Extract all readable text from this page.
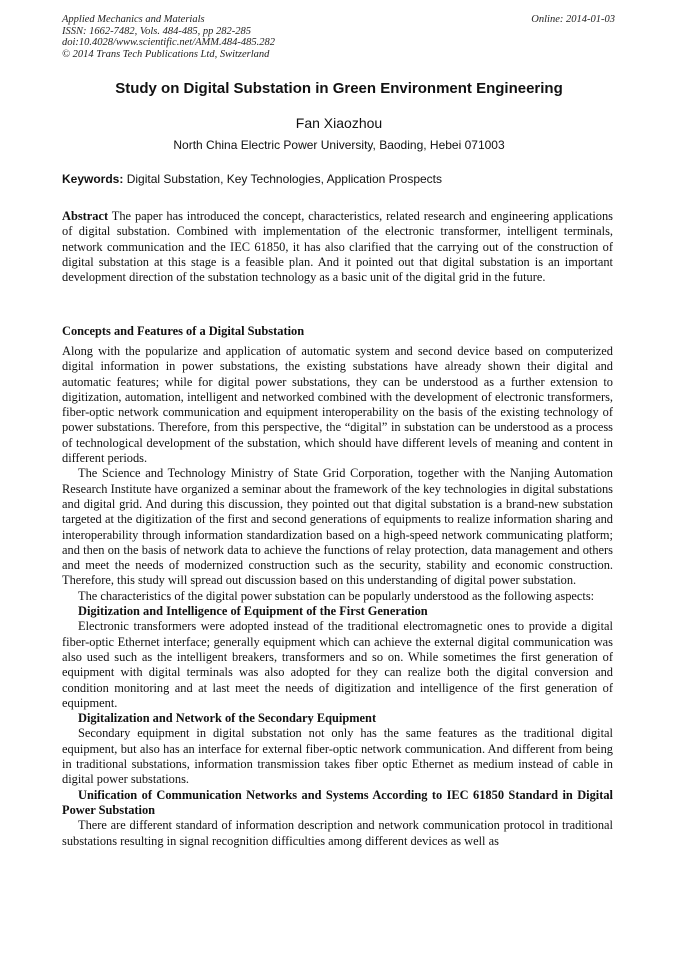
Applied Mechanics and Materials
ISSN: 1662-7482, Vols. 484-485, pp 282-285
doi:10.4028/www.scientific.net/AMM.484-485.282
© 2014 Trans Tech Publications Ltd, Switzerland
Online: 2014-01-03
Study on Digital Substation in Green Environment Engineering
Fan Xiaozhou
North China Electric Power University, Baoding, Hebei 071003
Keywords: Digital Substation, Key Technologies, Application Prospects

Abstract The paper has introduced the concept, characteristics, related research and engineering applications of digital substation. Combined with implementation of the electronic transformer, intelligent terminals, network communication and the IEC 61850, it has also clarified that the carrying out of the construction of digital substation at this stage is a feasible plan. And it pointed out that digital substation is an important development direction of the substation technology as a basic unit of the digital grid in the future.

Concepts and Features of a Digital Substation

Along with the popularize and application of automatic system and second device based on computerized digital information in power substations, the existing substations have already shown their digital and automatic features; while for digital power substations, they can be understood as a further extension to digitization, automation, intelligent and networked combined with the development of electronic transformers, fiber-optic network communication and equipment interoperability on the basis of the existing technology of power substations. Therefore, from this perspective, the “digital” in substation can be understood as a process of technological development of the substation, which should have different levels of meaning and content in different periods.

The Science and Technology Ministry of State Grid Corporation, together with the Nanjing Automation Research Institute have organized a seminar about the framework of the key technologies in digital substations and digital grid. And during this discussion, they pointed out that digital substation is a brand-new substation targeted at the digitization of the first and second generations of equipments to realize information sharing and interoperability through information standardization based on a high-speed network communicating platform; and then on the basis of network data to achieve the functions of relay protection, data management and others and meet the needs of modernized construction such as the security, stability and economic construction. Therefore, this study will spread out discussion based on this understanding of digital power substation.

The characteristics of the digital power substation can be popularly understood as the following aspects:

Digitization and Intelligence of Equipment of the First Generation

Electronic transformers were adopted instead of the traditional electromagnetic ones to provide a digital fiber-optic Ethernet interface; generally equipment which can achieve the external digital communication was also used such as the intelligent breakers, transformers and so on. While sometimes the first generation of equipment with digital terminals was also adopted for they can realize both the digital conversion and condition monitoring and at last meet the needs of digitization and intelligence of the first generation of equipment.

Digitalization and Network of the Secondary Equipment

Secondary equipment in digital substation not only has the same features as the traditional digital equipment, but also has an interface for external fiber-optic network communication. And different from being in traditional substations, information transmission takes fiber optic Ethernet as medium instead of cable in digital power substations.

Unification of Communication Networks and Systems According to IEC 61850 Standard in Digital Power Substation

There are different standard of information description and network communication protocol in traditional substations resulting in signal recognition difficulties among different devices as well as
